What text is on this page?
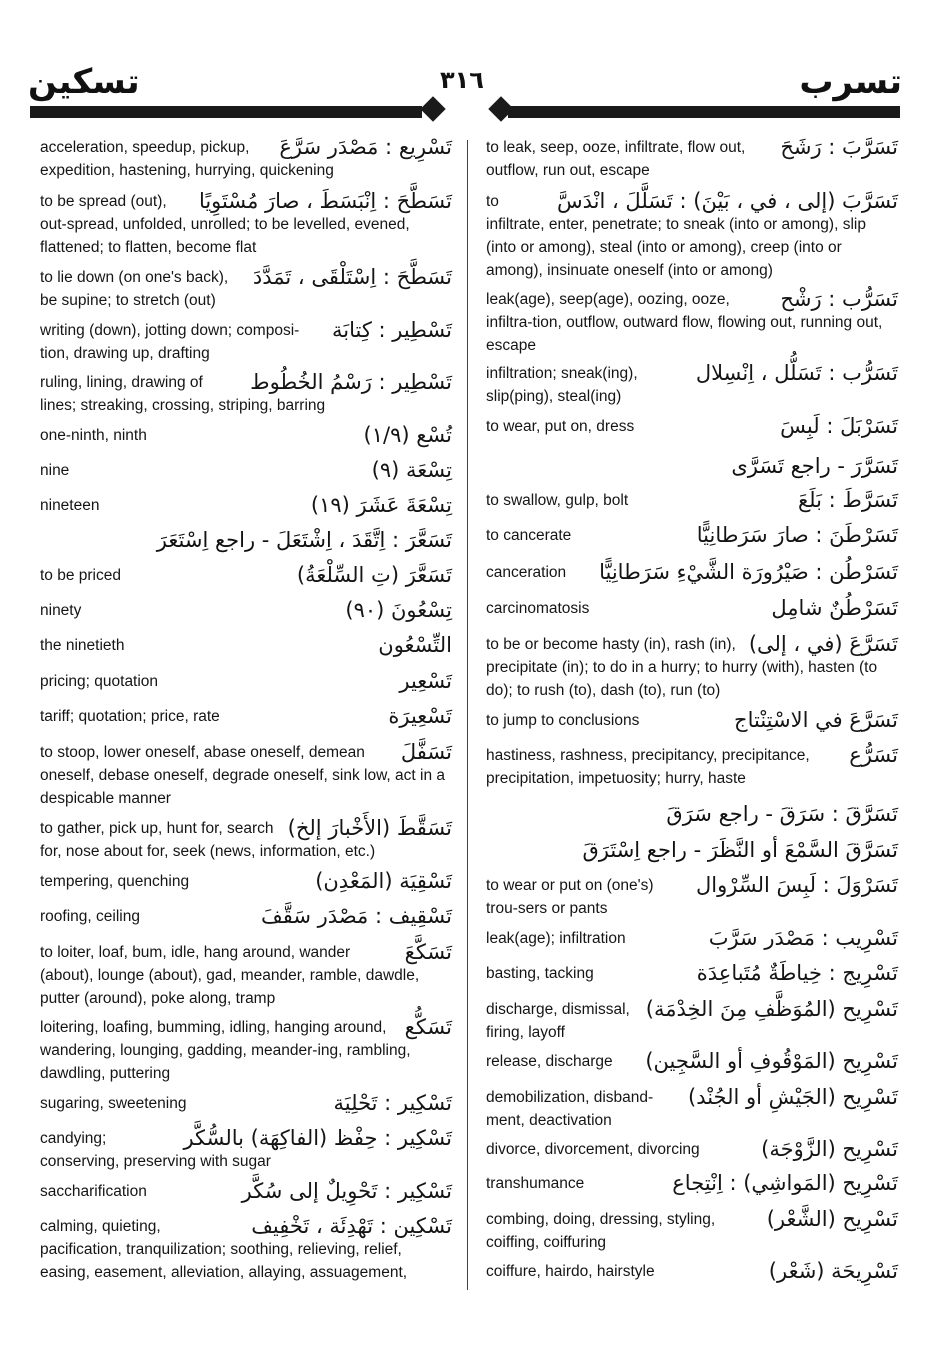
تسكين	٣١٦	تسرب
تَسْرِيع : مَصْدَر سَرَّعَ
acceleration, speedup, pickup, expedition, hastening, hurrying, quickening
تَسَطَّحَ : اِنْبَسَطَ ، صارَ مُسْتَوِيًا
to be spread (out), out-spread, unfolded, unrolled; to be levelled, evened, flattened; to flatten, become flat
تَسَطَّحَ : اِسْتَلْقَى ، تَمَدَّدَ
to lie down (on one's back), be supine; to stretch (out)
تَسْطِير : كِتابَة
writing (down), jotting down; composi-tion, drawing up, drafting
تَسْطِير : رَسْمُ الخُطُوط
ruling, lining, drawing of lines; streaking, crossing, striping, barring
تُسْع (١/٩)
one-ninth, ninth
تِسْعَة (٩)
nine
تِسْعَةَ عَشَرَ (١٩)
nineteen
تَسَعَّرَ : اِتَّقَدَ ، اِشْتَعَلَ - راجع اِسْتَعَرَ
تَسَعَّرَ (تِ السِّلْعَةُ)
to be priced
تِسْعُونَ (٩٠)
ninety
التِّسْعُون
the ninetieth
تَسْعِير
pricing; quotation
تَسْعِيرَة
tariff; quotation; price, rate
تَسَفَّلَ
to stoop, lower oneself, abase oneself, demean oneself, debase oneself, degrade oneself, sink low, act in a despicable manner
تَسَقَّطَ (الأَخْبارَ إلخ)
to gather, pick up, hunt for, search for, nose about for, seek (news, information, etc.)
تَسْقِيَة (المَعْدِن)
tempering, quenching
تَسْقِيف : مَصْدَر سَقَّفَ
roofing, ceiling
تَسَكَّعَ
to loiter, loaf, bum, idle, hang around, wander (about), lounge (about), gad, meander, ramble, dawdle, putter (around), poke along, tramp
تَسَكُّع
loitering, loafing, bumming, idling, hanging around, wandering, lounging, gadding, meander-ing, rambling, dawdling, puttering
تَسْكِير : تَحْلِيَة
sugaring, sweetening
تَسْكِير : حِفْظ (الفاكِهَة) بالسُّكَّر
candying; conserving, preserving with sugar
تَسْكِير : تَحْوِيلٌ إلى سُكَّر
saccharification
تَسْكِين : تَهْدِئَة ، تَخْفِيف
calming, quieting, pacification, tranquilization; soothing, relieving, relief, easing, easement, alleviation, allaying, assuagement,
تَسَرَّبَ : رَشَحَ
to leak, seep, ooze, infiltrate, flow out, outflow, run out, escape
تَسَرَّبَ (إلى ، في ، بَيْنَ) : تَسَلَّلَ ، انْدَسَّ
to infiltrate, enter, penetrate; to sneak (into or among), slip (into or among), steal (into or among), creep (into or among), insinuate oneself (into or among)
تَسَرُّب : رَشْح
leak(age), seep(age), oozing, ooze, infiltra-tion, outflow, outward flow, flowing out, running out, escape
تَسَرُّب : تَسَلُّل ، اِنْسِلال
infiltration; sneak(ing), slip(ping), steal(ing)
تَسَرْبَلَ : لَبِسَ
to wear, put on, dress
تَسَرَّرَ - راجع تَسَرَّى
تَسَرَّطَ : بَلَعَ
to swallow, gulp, bolt
تَسَرْطَنَ : صارَ سَرَطانِيًّا
to cancerate
تَسَرْطُن : صَيْرُورَة الشَّيْءِ سَرَطانِيًّا
canceration
تَسَرْطُنٌ شامِل
carcinomatosis
تَسَرَّعَ (في ، إلى)
to be or become hasty (in), rash (in), precipitate (in); to do in a hurry; to hurry (with), hasten (to do); to rush (to), dash (to), run (to)
تَسَرَّعَ في الاسْتِنْتاج
to jump to conclusions
تَسَرُّع
hastiness, rashness, precipitancy, precipitance, precipitation, impetuosity; hurry, haste
تَسَرَّقَ : سَرَقَ - راجع سَرَقَ
تَسَرَّقَ السَّمْعَ أو النَّظَرَ - راجع اِسْتَرَقَ
تَسَرْوَلَ : لَبِسَ السِّرْوال
to wear or put on (one's) trou-sers or pants
تَسْرِيب : مَصْدَر سَرَّبَ
leak(age); infiltration
تَسْرِيج : خِياطَةٌ مُتَباعِدَة
basting, tacking
تَسْرِيح (المُوَظَّفِ مِنَ الخِدْمَة)
discharge, dismissal, firing, layoff
تَسْرِيح (المَوْقُوفِ أو السَّجِين)
release, discharge
تَسْرِيح (الجَيْشِ أو الجُنْد)
demobilization, disband-ment, deactivation
تَسْرِيح (الزَّوْجَة)
divorce, divorcement, divorcing
تَسْرِيح (المَواشِي) : اِنْتِجاع
transhumance
تَسْرِيح (الشَّعْر)
combing, doing, dressing, styling, coiffing, coiffuring
تَسْرِيحَة (شَعْر)
coiffure, hairdo, hairstyle
